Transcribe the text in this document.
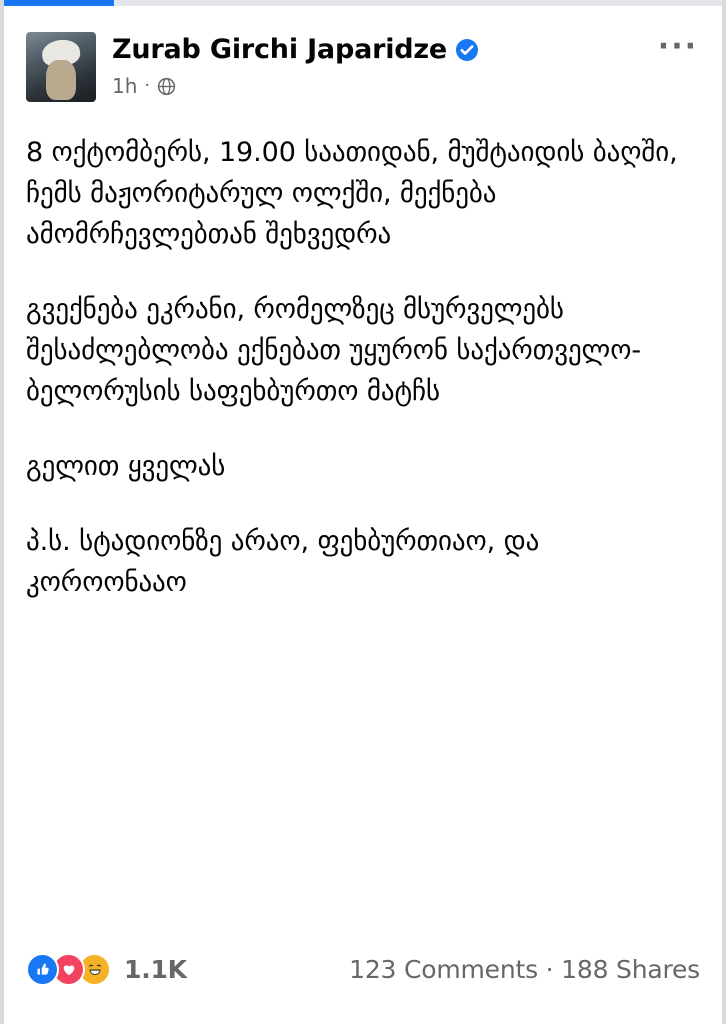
Zurab Girchi Japaridze
1h ·
···

8 ოქტომბერს, 19.00 საათიდან, მუშტაიდის ბაღში, ჩემს მაჟორიტარულ ოლქში, მექნება ამომრჩევლებთან შეხვედრა

გვექნება ეკრანი, რომელზეც მსურველებს შესაძლებლობა ექნებათ უყურონ საქართველო-ბელორუსის საფეხბურთო მატჩს

გელით ყველას

პ.ს. სტადიონზე არაო, ფეხბურთიაო, და კოროონააო

1.1K	123 Comments · 188 Shares
